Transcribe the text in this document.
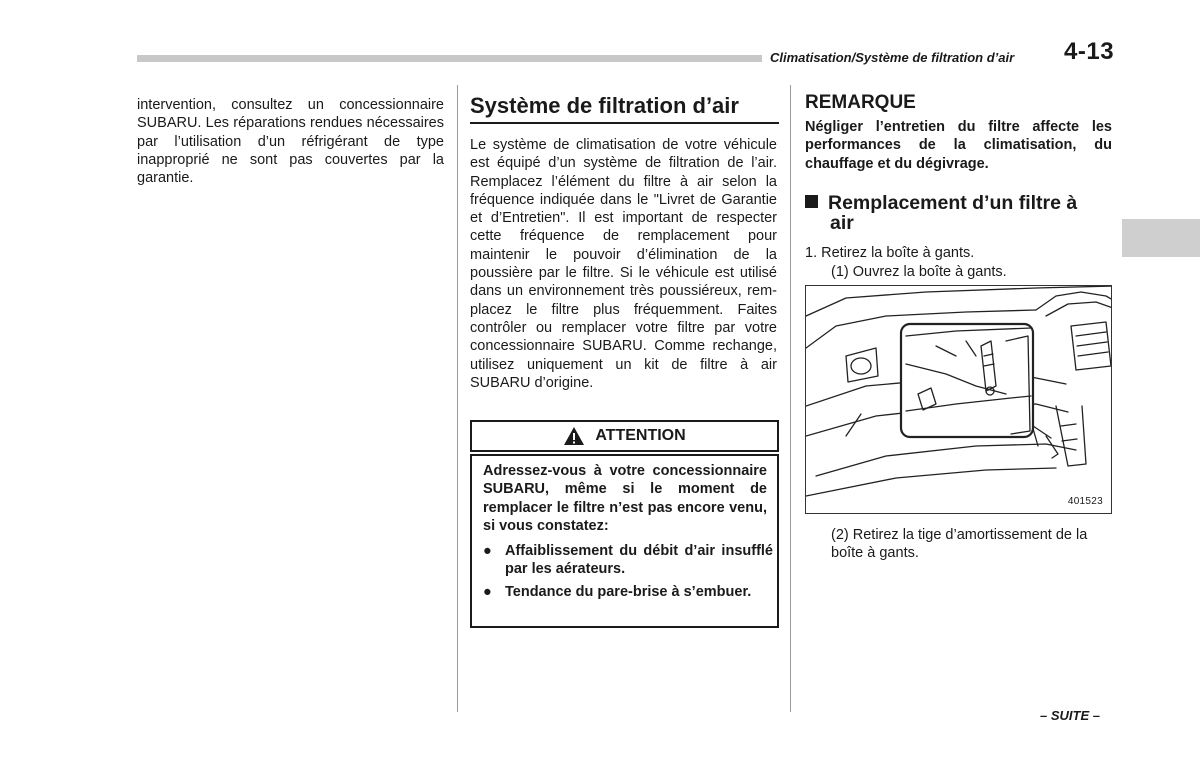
Climatisation/Système de filtration d’air 4-13
intervention, consultez un concessionnaire SUBARU. Les réparations rendues nécessaires par l’utilisation d’un réfrigérant de type inapproprié ne sont pas couvertes par la garantie.
Système de filtration d’air
Le système de climatisation de votre véhicule est équipé d’un système de filtration de l’air. Remplacez l’élément du filtre à air selon la fréquence indiquée dans le "Livret de Garantie et d’Entretien". Il est important de respecter cette fréquence de remplacement pour maintenir le pouvoir d’élimination de la poussière par le filtre. Si le véhicule est utilisé dans un environnement très poussiéreux, remplacez le filtre plus fréquemment. Faites contrôler ou remplacer votre filtre par votre concessionnaire SUBARU. Comme rechange, utilisez uniquement un kit de filtre à air SUBARU d’origine.
ATTENTION
Adressez-vous à votre concessionnaire SUBARU, même si le moment de remplacer le filtre n’est pas encore venu, si vous constatez:
● Affaiblissement du débit d’air insufflé par les aérateurs.
● Tendance du pare-brise à s’embuer.
REMARQUE
Négliger l’entretien du filtre affecte les performances de la climatisation, du chauffage et du dégivrage.
Remplacement d’un filtre à
air
1. Retirez la boîte à gants.
(1) Ouvrez la boîte à gants.
401523
(2) Retirez la tige d’amortissement de la boîte à gants.
– SUITE –
